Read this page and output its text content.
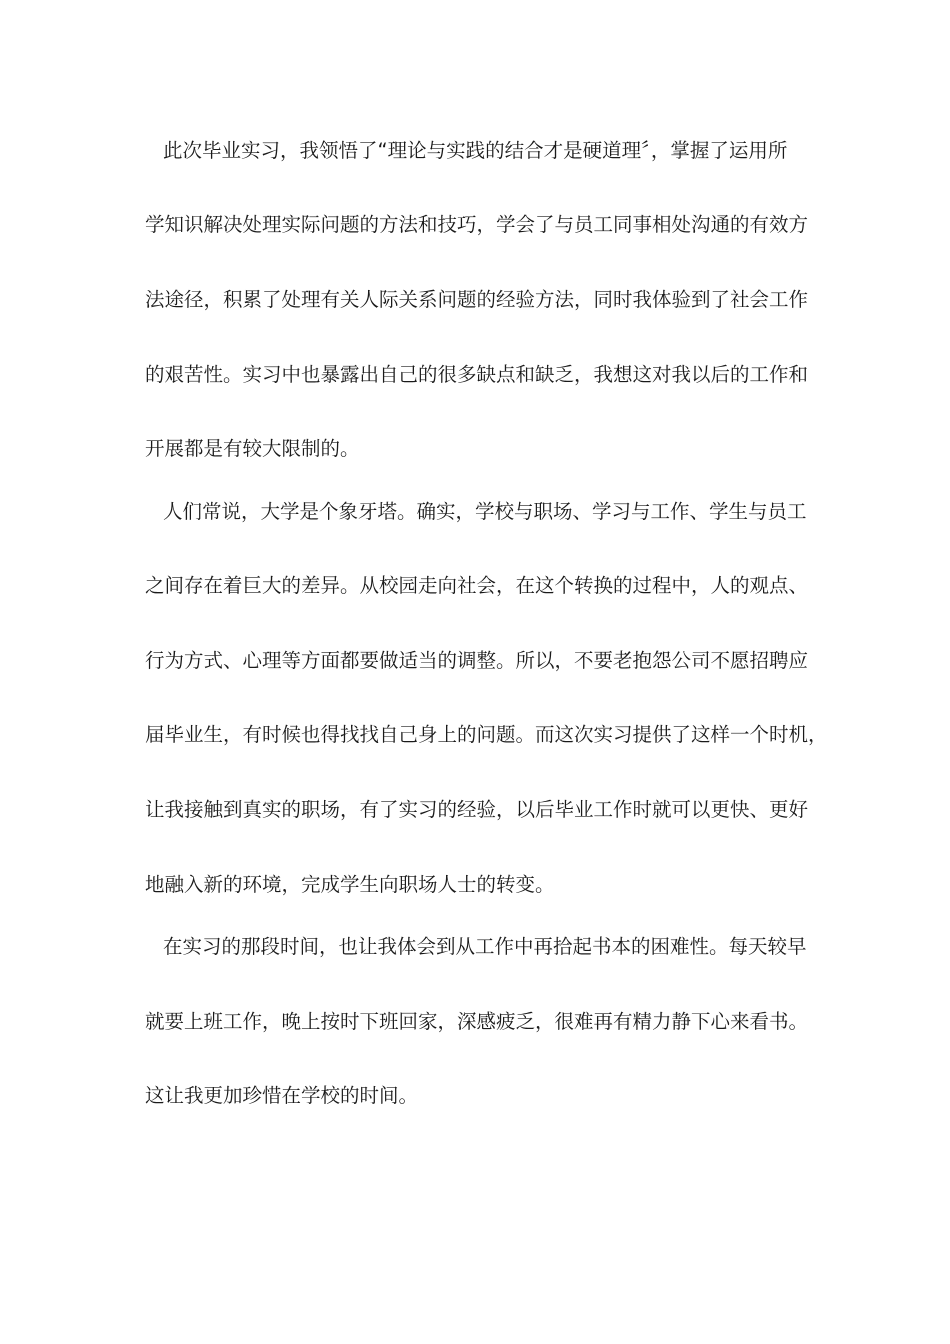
此次毕业实习，我领悟了“理论与实践的结合才是硬道理〞，掌握了运用所

学知识解决处理实际问题的方法和技巧，学会了与员工同事相处沟通的有效方

法途径，积累了处理有关人际关系问题的经验方法，同时我体验到了社会工作

的艰苦性。实习中也暴露出自己的很多缺点和缺乏，我想这对我以后的工作和

开展都是有较大限制的。

人们常说，大学是个象牙塔。确实，学校与职场、学习与工作、学生与员工

之间存在着巨大的差异。从校园走向社会，在这个转换的过程中，人的观点、

行为方式、心理等方面都要做适当的调整。所以，不要老抱怨公司不愿招聘应

届毕业生，有时候也得找找自己身上的问题。而这次实习提供了这样一个时机，

让我接触到真实的职场，有了实习的经验，以后毕业工作时就可以更快、更好

地融入新的环境，完成学生向职场人士的转变。

在实习的那段时间，也让我体会到从工作中再拾起书本的困难性。每天较早

就要上班工作，晚上按时下班回家，深感疲乏，很难再有精力静下心来看书。

这让我更加珍惜在学校的时间。
